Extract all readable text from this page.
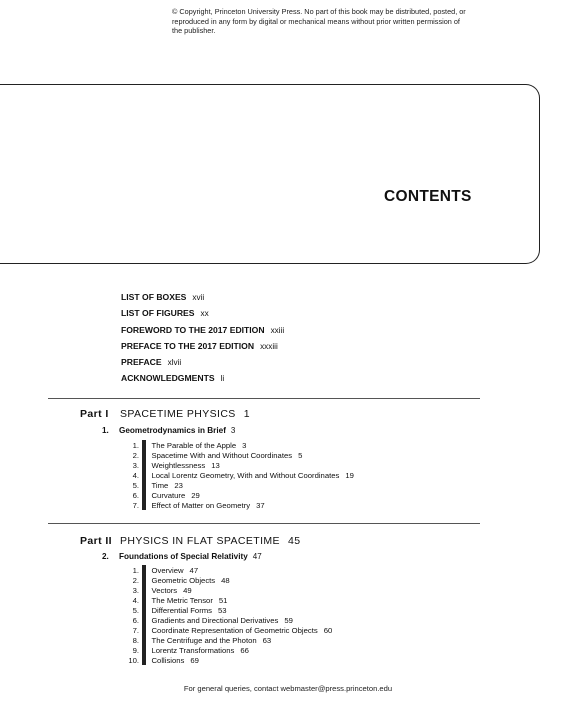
© Copyright, Princeton University Press. No part of this book may be distributed, posted, or reproduced in any form by digital or mechanical means without prior written permission of the publisher.
CONTENTS
LIST OF BOXES xvii
LIST OF FIGURES xx
FOREWORD TO THE 2017 EDITION xxiii
PREFACE TO THE 2017 EDITION xxxiii
PREFACE xlvii
ACKNOWLEDGMENTS li
Part I SPACETIME PHYSICS 1
1. Geometrodynamics in Brief 3
1. The Parable of the Apple 3
2. Spacetime With and Without Coordinates 5
3. Weightlessness 13
4. Local Lorentz Geometry, With and Without Coordinates 19
5. Time 23
6. Curvature 29
7. Effect of Matter on Geometry 37
Part II PHYSICS IN FLAT SPACETIME 45
2. Foundations of Special Relativity 47
1. Overview 47
2. Geometric Objects 48
3. Vectors 49
4. The Metric Tensor 51
5. Differential Forms 53
6. Gradients and Directional Derivatives 59
7. Coordinate Representation of Geometric Objects 60
8. The Centrifuge and the Photon 63
9. Lorentz Transformations 66
10. Collisions 69
For general queries, contact webmaster@press.princeton.edu
